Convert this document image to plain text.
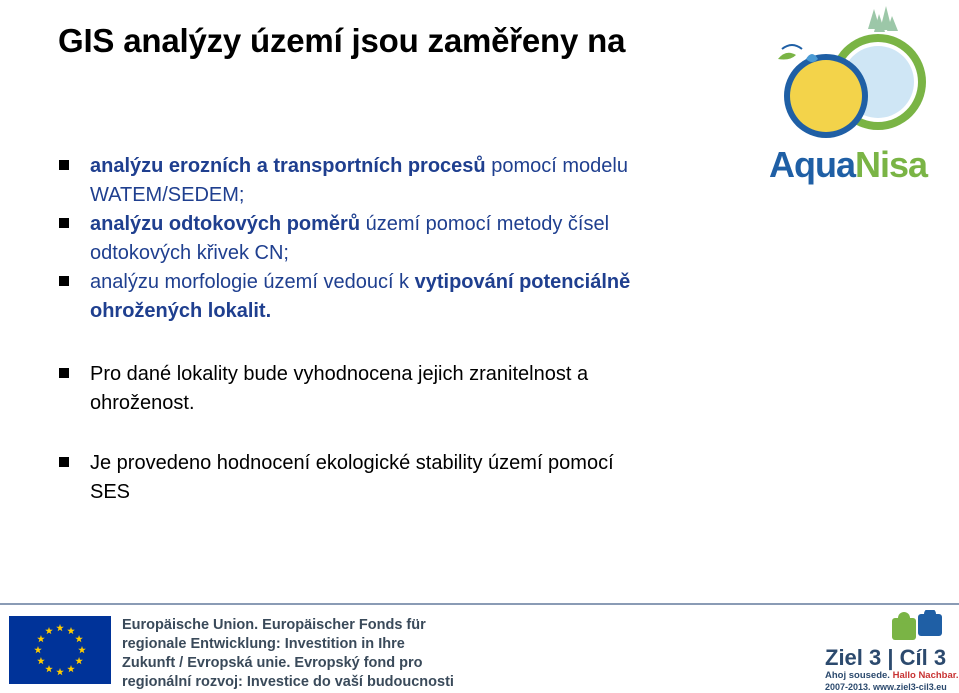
GIS analýzy území jsou zaměřeny na
analýzu erozních a transportních procesů pomocí modelu WATEM/SEDEM;
analýzu odtokových poměrů území pomocí metody čísel odtokových křivek CN;
analýzu morfologie území vedoucí k vytipování potenciálně ohrožených lokalit.
Pro dané lokality bude vyhodnocena jejich zranitelnost a ohroženost.
Je provedeno hodnocení ekologické stability území pomocí SES
AquaNisa
Europäische Union. Europäischer Fonds für
regionale Entwicklung: Investition in Ihre
Zukunft / Evropská unie. Evropský fond pro
regionální rozvoj: Investice do vaší budoucnosti
Ziel 3 | Cíl 3
Ahoj sousede. Hallo Nachbar.
2007-2013. www.ziel3-cil3.eu
